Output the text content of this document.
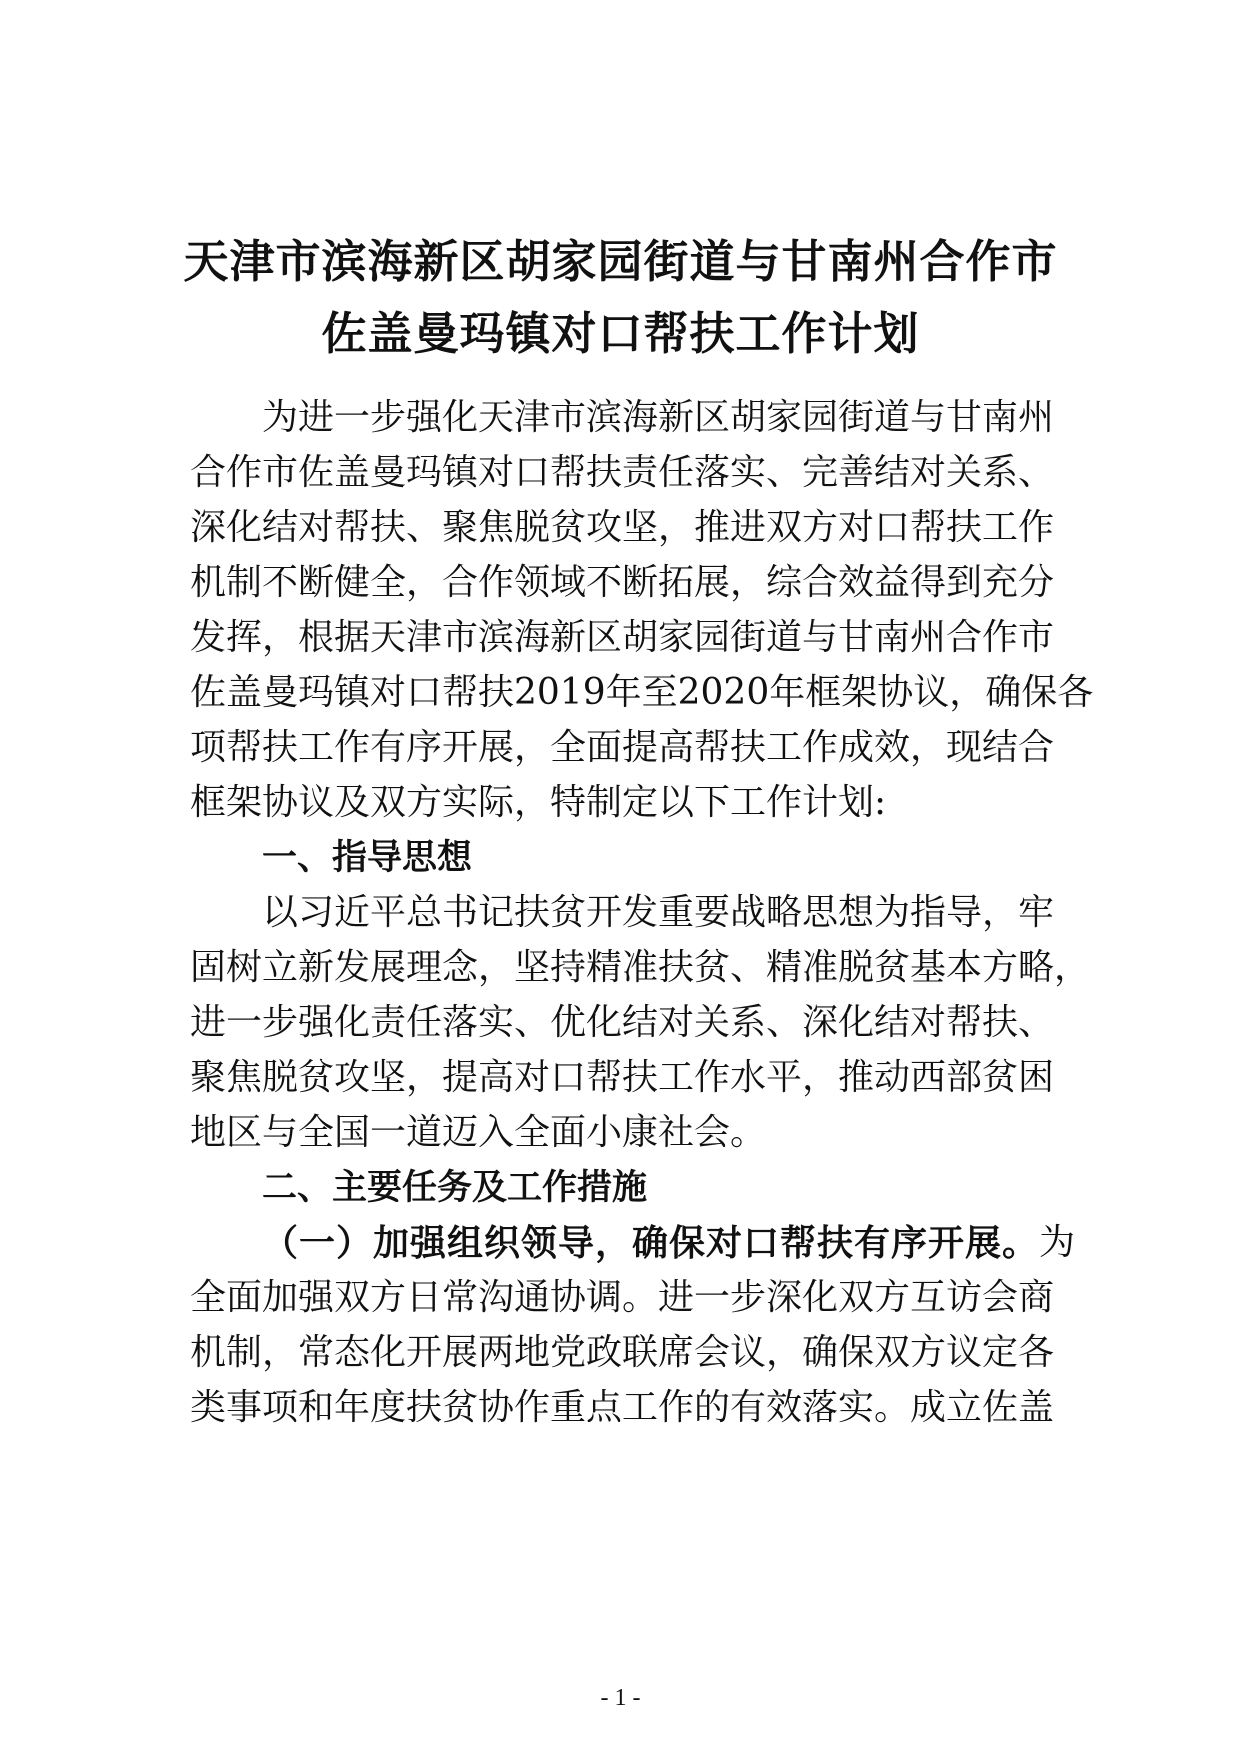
天津市滨海新区胡家园街道与甘南州合作市
佐盖曼玛镇对口帮扶工作计划

为进一步强化天津市滨海新区胡家园街道与甘南州

合作市佐盖曼玛镇对口帮扶责任落实、完善结对关系、

深化结对帮扶、聚焦脱贫攻坚，推进双方对口帮扶工作

机制不断健全，合作领域不断拓展，综合效益得到充分

发挥，根据天津市滨海新区胡家园街道与甘南州合作市

佐盖曼玛镇对口帮扶2019年至2020年框架协议，确保各

项帮扶工作有序开展，全面提高帮扶工作成效，现结合

框架协议及双方实际，特制定以下工作计划:

一、指导思想

以习近平总书记扶贫开发重要战略思想为指导，牢

固树立新发展理念，坚持精准扶贫、精准脱贫基本方略，

进一步强化责任落实、优化结对关系、深化结对帮扶、

聚焦脱贫攻坚，提高对口帮扶工作水平，推动西部贫困

地区与全国一道迈入全面小康社会。

二、主要任务及工作措施

（一）加强组织领导，确保对口帮扶有序开展。 为

全面加强双方日常沟通协调。进一步深化双方互访会商

机制，常态化开展两地党政联席会议，确保双方议定各

类事项和年度扶贫协作重点工作的有效落实。成立佐盖

- 1 -
